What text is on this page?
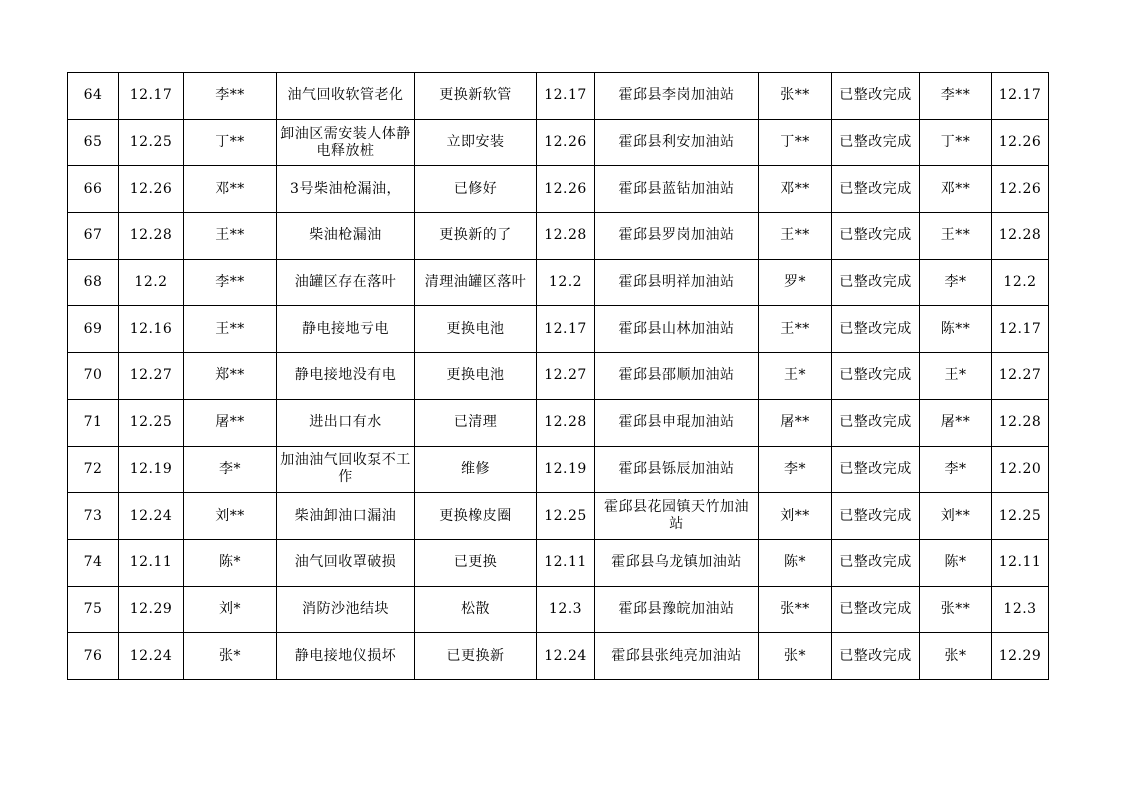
64	12.17	李**	油气回收软管老化	更换新软管	12.17	霍邱县李岗加油站	张**	已整改完成	李**	12.17
65	12.25	丁**	卸油区需安装人体静电释放桩	立即安装	12.26	霍邱县利安加油站	丁**	已整改完成	丁**	12.26
66	12.26	邓**	3号柴油枪漏油，	已修好	12.26	霍邱县蓝钻加油站	邓**	已整改完成	邓**	12.26
67	12.28	王**	柴油枪漏油	更换新的了	12.28	霍邱县罗岗加油站	王**	已整改完成	王**	12.28
68	12.2	李**	油罐区存在落叶	清理油罐区落叶	12.2	霍邱县明祥加油站	罗*	已整改完成	李*	12.2
69	12.16	王**	静电接地亏电	更换电池	12.17	霍邱县山林加油站	王**	已整改完成	陈**	12.17
70	12.27	郑**	静电接地没有电	更换电池	12.27	霍邱县邵顺加油站	王*	已整改完成	王*	12.27
71	12.25	屠**	进出口有水	已清理	12.28	霍邱县申琨加油站	屠**	已整改完成	屠**	12.28
72	12.19	李*	加油油气回收泵不工作	维修	12.19	霍邱县铄辰加油站	李*	已整改完成	李*	12.20
73	12.24	刘**	柴油卸油口漏油	更换橡皮圈	12.25	霍邱县花园镇天竹加油站	刘**	已整改完成	刘**	12.25
74	12.11	陈*	油气回收罩破损	已更换	12.11	霍邱县乌龙镇加油站	陈*	已整改完成	陈*	12.11
75	12.29	刘*	消防沙池结块	松散	12.3	霍邱县豫皖加油站	张**	已整改完成	张**	12.3
76	12.24	张*	静电接地仪损坏	已更换新	12.24	霍邱县张纯亮加油站	张*	已整改完成	张*	12.29
